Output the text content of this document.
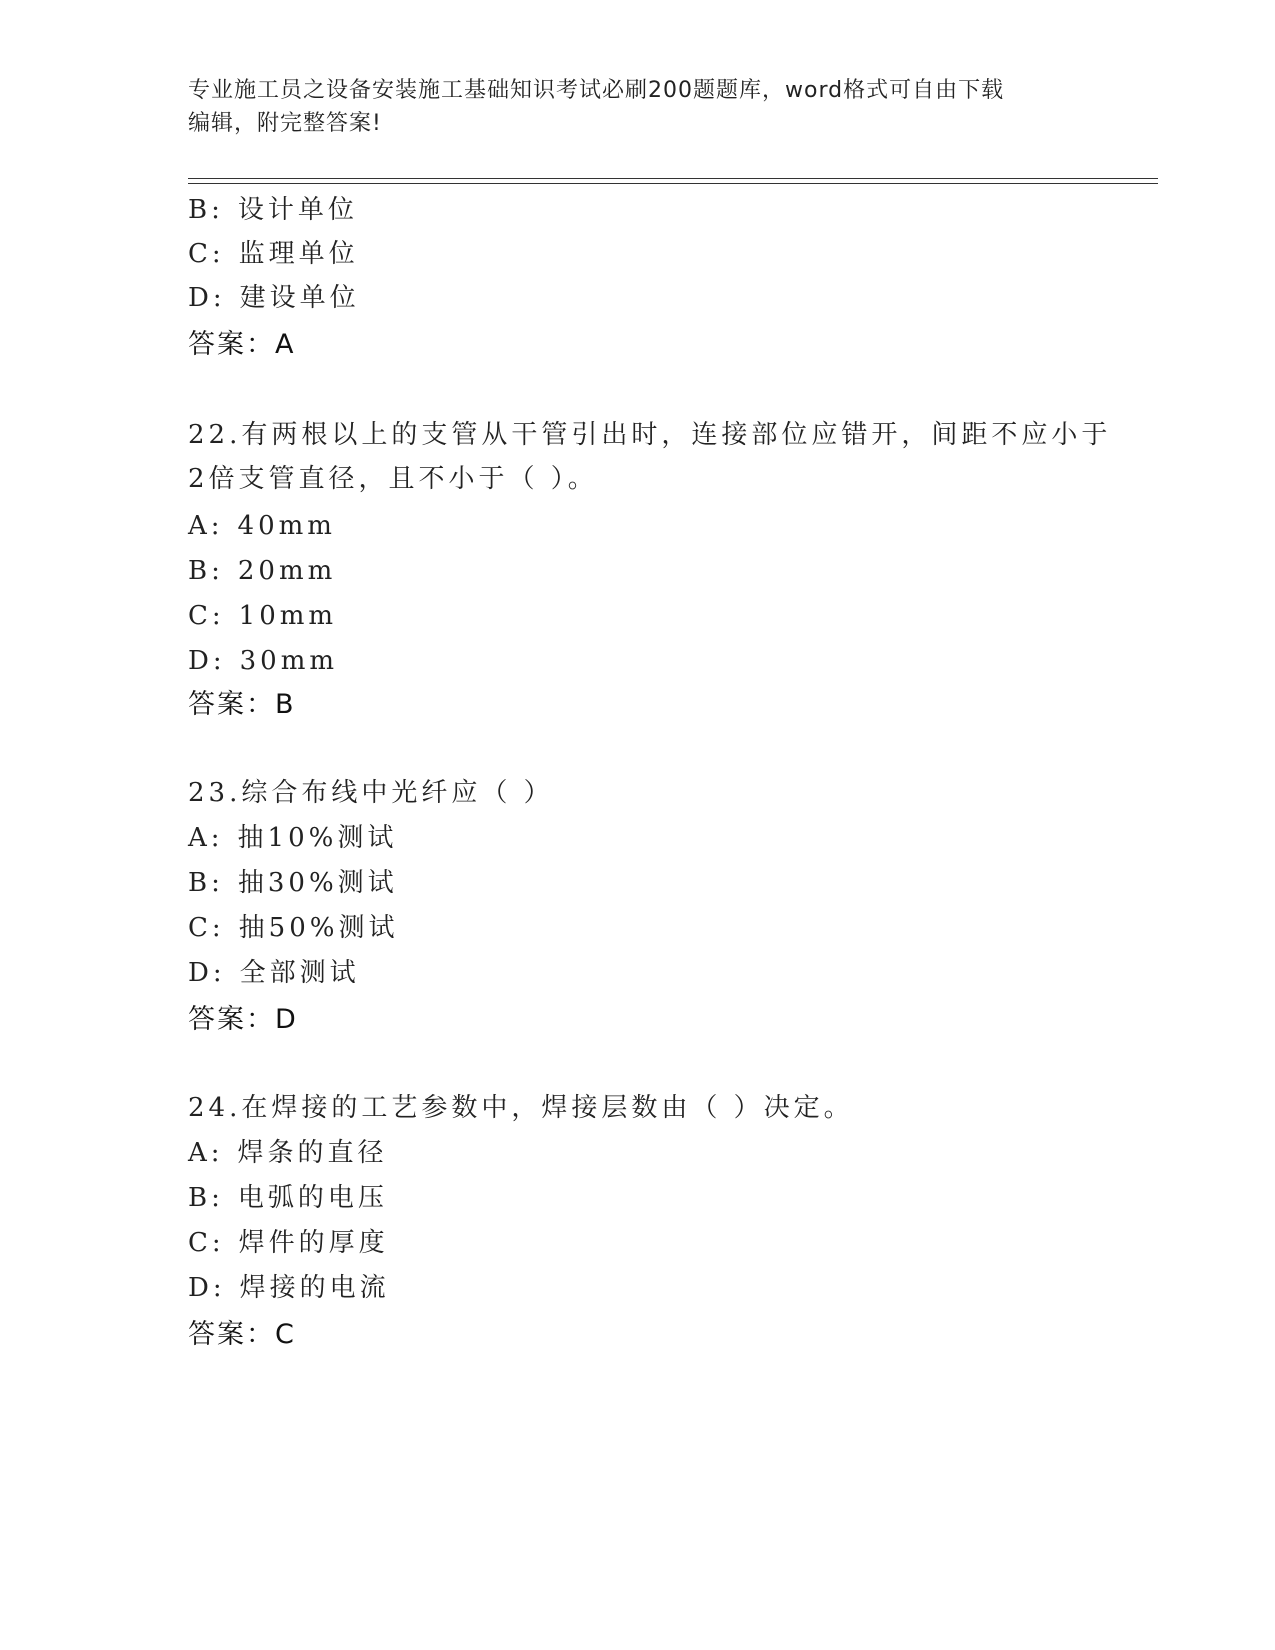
专业施工员之设备安装施工基础知识考试必刷200题题库，word格式可自由下载
编辑，附完整答案!
B: 设计单位
C: 监理单位
D: 建设单位
答案：A
22.有两根以上的支管从干管引出时，连接部位应错开，间距不应小于
2倍支管直径，且不小于（ ）。
A: 40mm
B: 20mm
C: 10mm
D: 30mm
答案：B
23.综合布线中光纤应（ ）
A: 抽10%测试
B: 抽30%测试
C: 抽50%测试
D: 全部测试
答案：D
24.在焊接的工艺参数中，焊接层数由（ ）决定。
A: 焊条的直径
B: 电弧的电压
C: 焊件的厚度
D: 焊接的电流
答案：C
